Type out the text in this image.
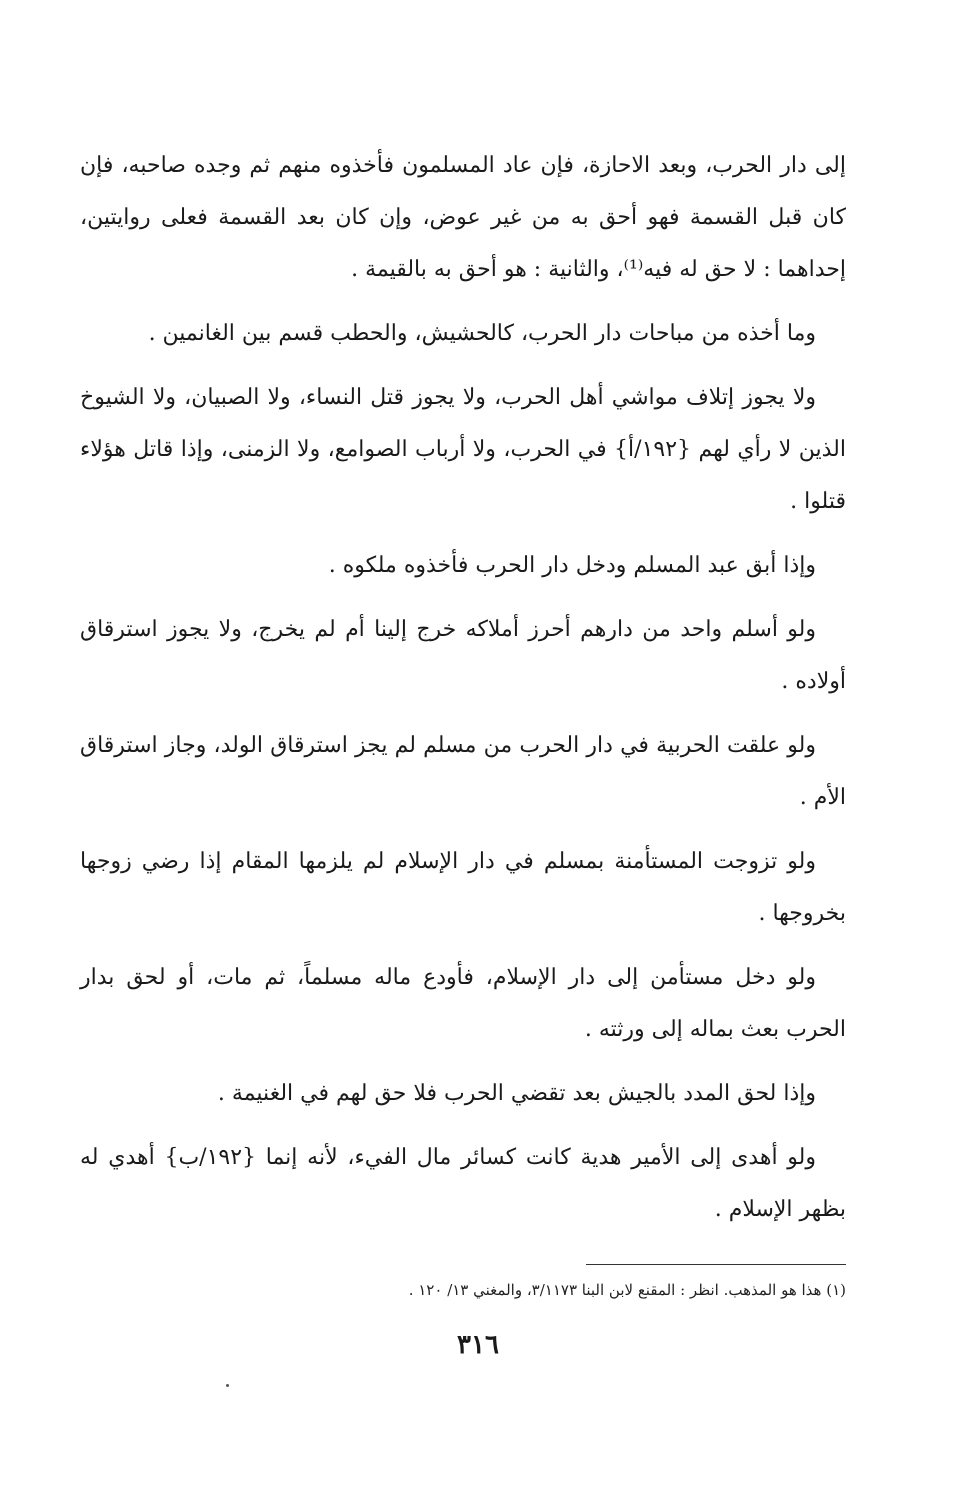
إلى دار الحرب، وبعد الاحازة، فإن عاد المسلمون فأخذوه منهم ثم وجده صاحبه، فإن كان قبل القسمة فهو أحق به من غير عوض، وإن كان بعد القسمة فعلى روايتين، إحداهما : لا حق له فيه⁽¹⁾، والثانية : هو أحق به بالقيمة .

وما أخذه من مباحات دار الحرب، كالحشيش، والحطب قسم بين الغانمين .

ولا يجوز إتلاف مواشي أهل الحرب، ولا يجوز قتل النساء، ولا الصبيان، ولا الشيوخ الذين لا رأي لهم {١٩٢/أ} في الحرب، ولا أرباب الصوامع، ولا الزمنى، وإذا قاتل هؤلاء قتلوا .

وإذا أبق عبد المسلم ودخل دار الحرب فأخذوه ملكوه .

ولو أسلم واحد من دارهم أحرز أملاكه خرج إلينا أم لم يخرج، ولا يجوز استرقاق أولاده .

ولو علقت الحربية في دار الحرب من مسلم لم يجز استرقاق الولد، وجاز استرقاق الأم .

ولو تزوجت المستأمنة بمسلم في دار الإسلام لم يلزمها المقام إذا رضي زوجها بخروجها .

ولو دخل مستأمن إلى دار الإسلام، فأودع ماله مسلماً، ثم مات، أو لحق بدار الحرب بعث بماله إلى ورثته .

وإذا لحق المدد بالجيش بعد تقضي الحرب فلا حق لهم في الغنيمة .

ولو أهدى إلى الأمير هدية كانت كسائر مال الفيء، لأنه إنما {١٩٢/ب} أهدي له بظهر الإسلام .

(١) هذا هو المذهب. انظر : المقنع لابن البنا ٣/١١٧٣، والمغني ١٣/ ١٢٠ .
٣١٦
